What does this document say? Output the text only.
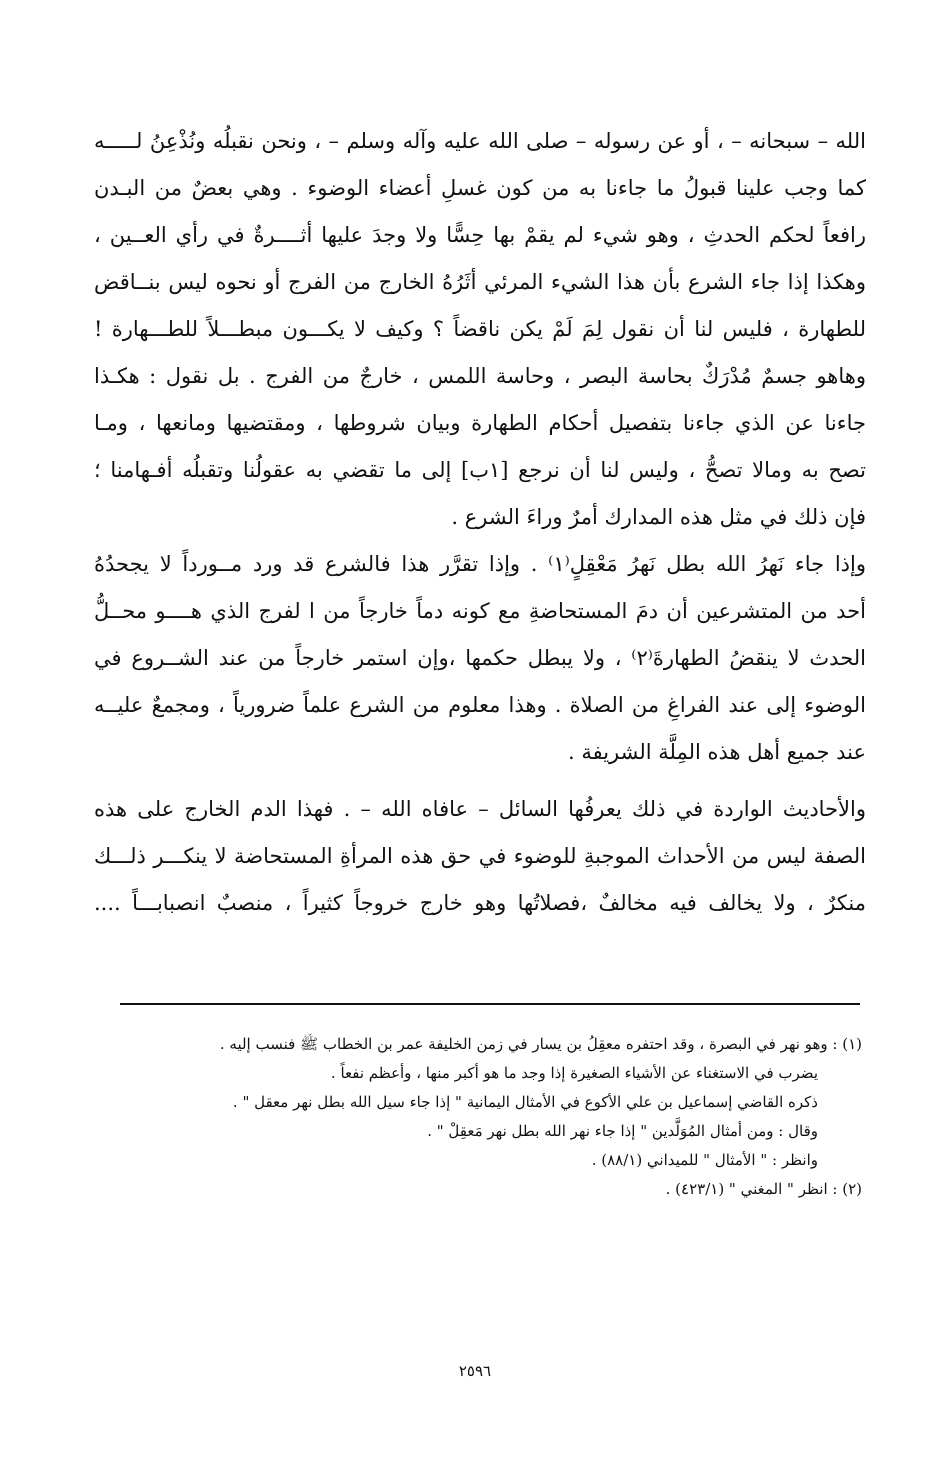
الله – سبحانه – ، أو عن رسوله – صلى الله عليه وآله وسلم – ، ونحن نقبلُه ونُذْعِنُ لـــــه
كما وجب علينا قبولُ ما جاءنا به من كون غسلِ أعضاء الوضوء . وهي بعضٌ من البـدن
رافعاً لحكم الحدثِ ، وهو شيء لم يقمْ بها حِسًّا ولا وجدَ عليها أثــــرةٌ في رأي العــين ،
وهكذا إذا جاء الشرع بأن هذا الشيء المرئي أثَرُهُ الخارج من الفرج أو نحوه ليس بنــاقض
للطهارة ، فليس لنا أن نقول لِمَ لَمْ يكن ناقضاً ؟ وكيف لا يكـــون مبطـــلاً للطـــهارة !
وهاهو جسمٌ مُدْرَكٌ بحاسة البصر ، وحاسة اللمس ، خارجٌ من الفرج . بل نقول : هكـذا
جاءنا عن الذي جاءنا بتفصيل أحكام الطهارة وبيان شروطها ، ومقتضيها ومانعها ، ومـا
تصح به ومالا تصحُّ ، وليس لنا أن نرجع [١ب] إلى ما تقضي به عقولُنا وتقبلُه أفـهامنا ؛
فإن ذلك في مثل هذه المدارك أمرٌ وراءَ الشرع .
وإذا جاء نَهرُ الله بطل نَهرُ مَعْقِلٍ⁽١⁾ . وإذا تقرَّر هذا فالشرع قد ورد مــورداً لا يجحدُهُ
أحد من المتشرعين أن دمَ المستحاضةِ مع كونه دماً خارجاً من ا لفرج الذي هــــو محــلُّ
الحدث لا ينقضُ الطهارةَ⁽٢⁾ ، ولا يبطل حكمها ،وإن استمر خارجاً من عند الشــروع في
الوضوء إلى عند الفراغِ من الصلاة . وهذا معلوم من الشرع علماً ضرورياً ، ومجمعٌ عليــه
عند جميع أهل هذه المِلَّة الشريفة .
والأحاديث الواردة في ذلك يعرفُها السائل – عافاه الله – . فهذا الدم الخارج على هذه
الصفة ليس من الأحداث الموجبةِ للوضوء في حق هذه المرأةِ المستحاضة لا ينكـــر ذلـــك
منكرٌ ، ولا يخالف فيه مخالفٌ ،فصلاتُها وهو خارج خروجاً كثيراً ، منصبٌ انصبابـــاً ....
(١) : وهو نهر في البصرة ، وقد احتفره معقِلُ بن يسار في زمن الخليفة عمر بن الخطاب ﷺ فنسب إليه .
يضرب في الاستغناء عن الأشياء الصغيرة إذا وجد ما هو أكبر منها ، وأعظم نفعاً .
ذكره القاضي إسماعيل بن علي الأكوع في الأمثال اليمانية " إذا جاء سيل الله بطل نهر معقل " .
وقال : ومن أمثال المُوَلَّدين " إذا جاء نهر الله بطل نهر مَعقِلْ " .
وانظر : " الأمثال " للميداني (٨٨/١) .
(٢) : انظر " المغني " (٤٢٣/١) .
٢٥٩٦
